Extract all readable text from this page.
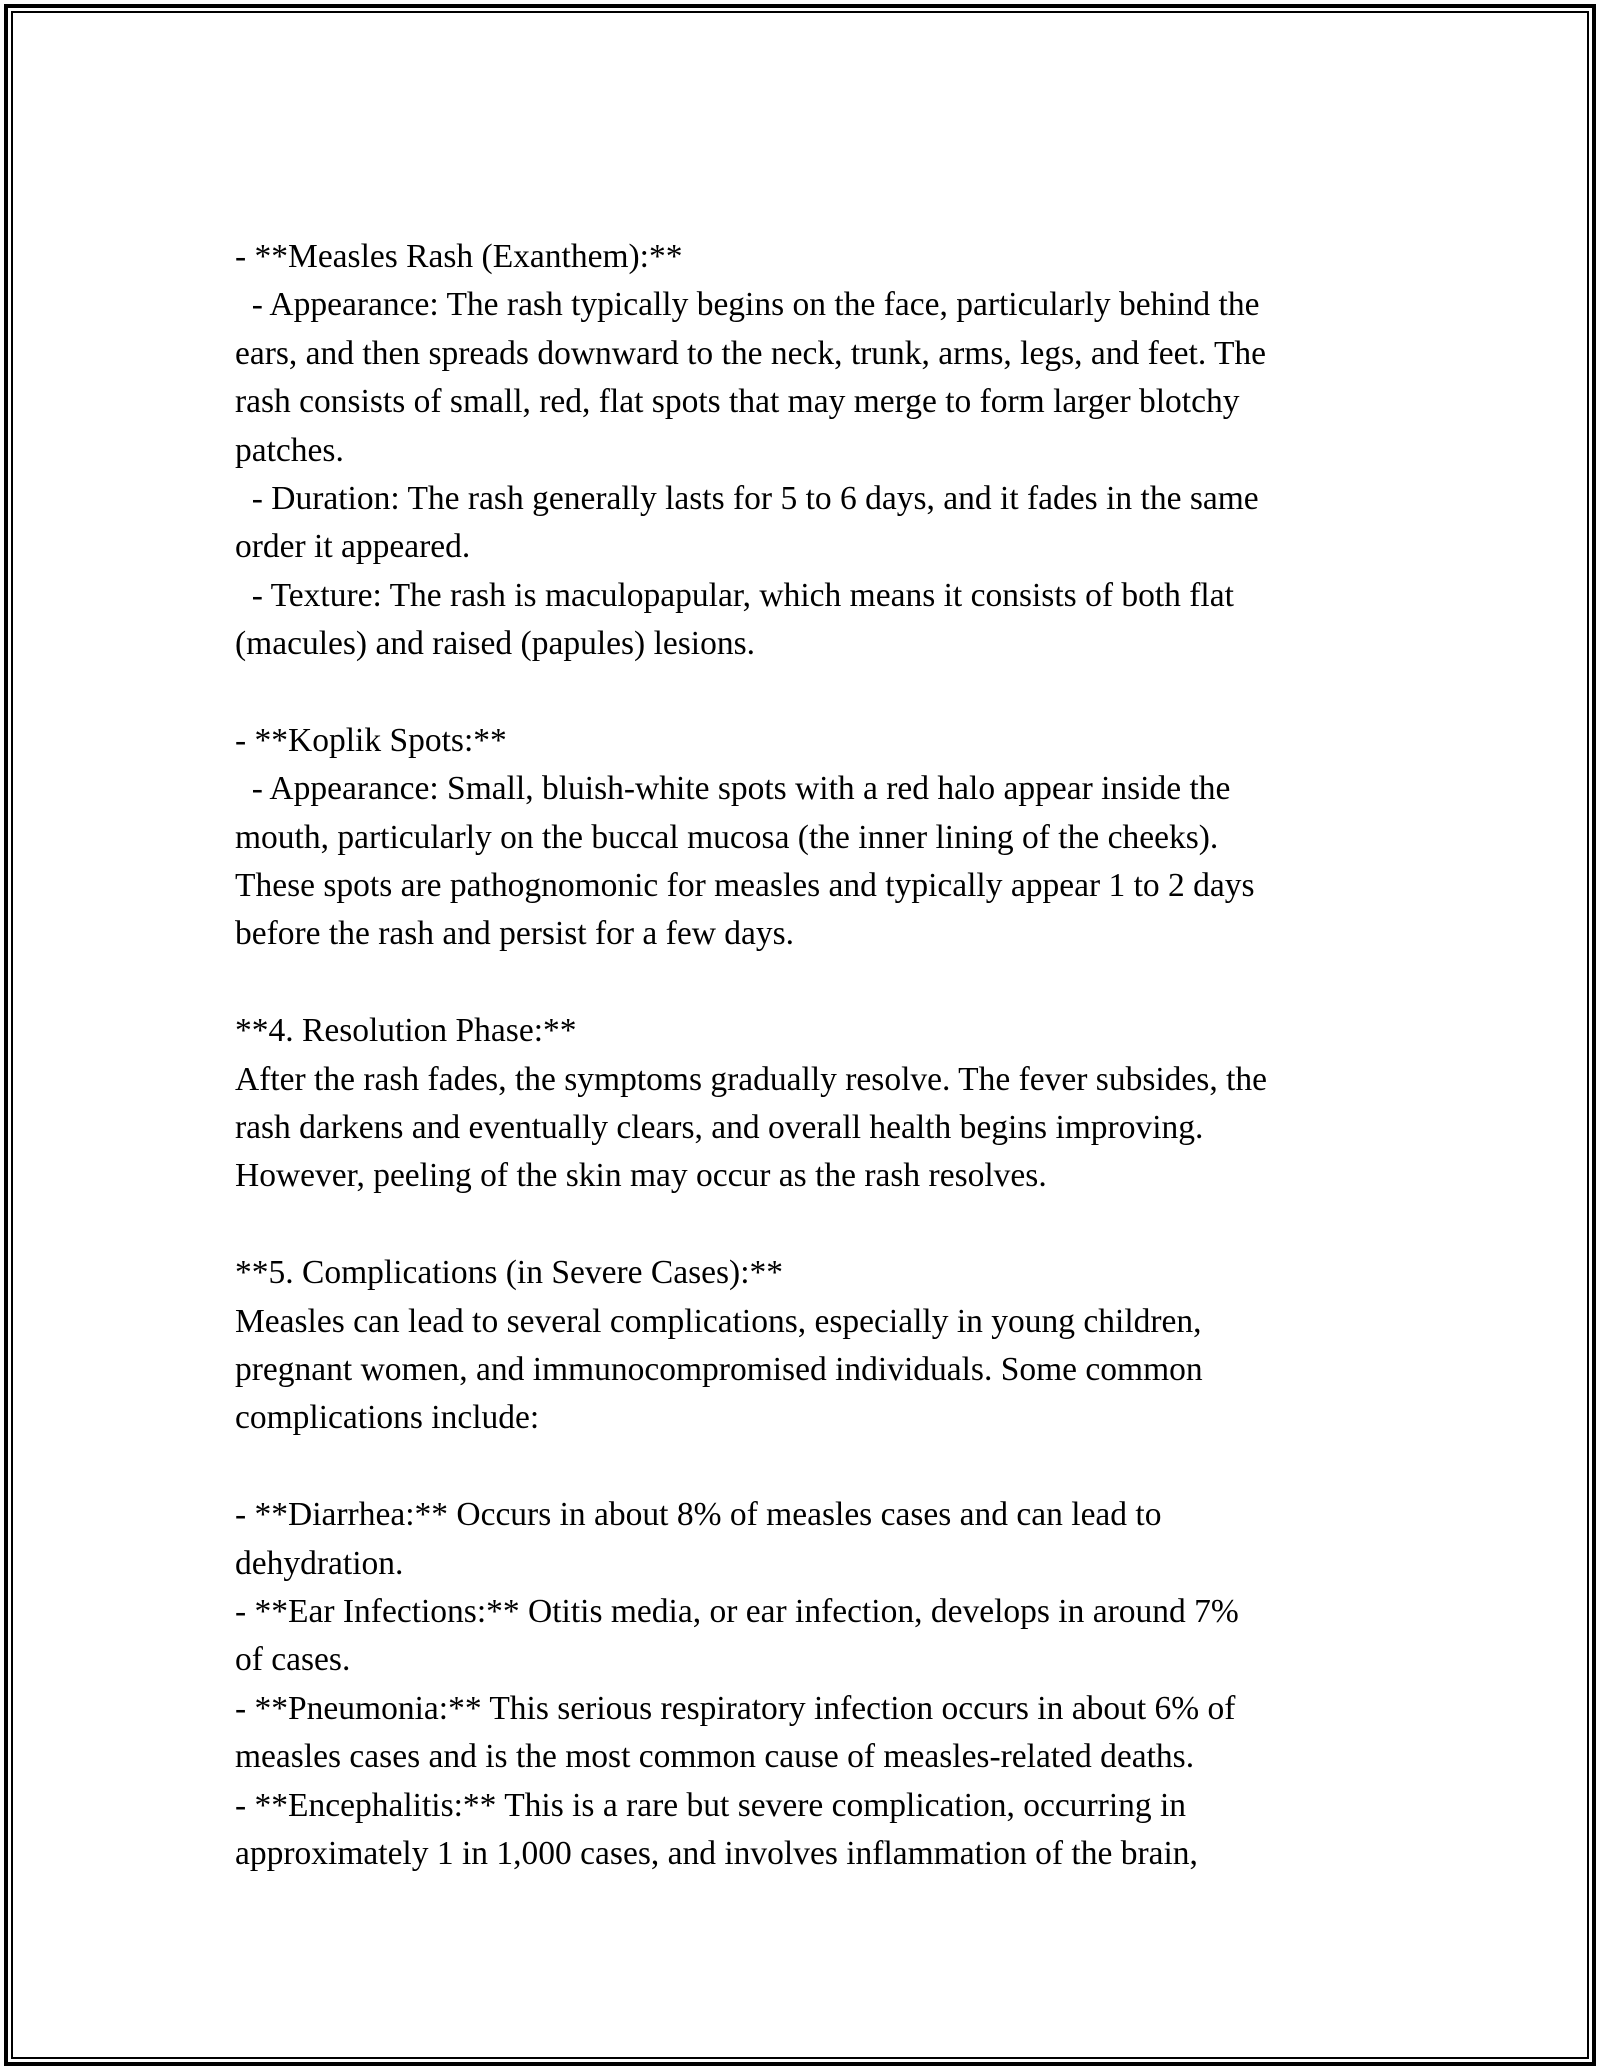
- **Measles Rash (Exanthem):**
- Appearance: The rash typically begins on the face, particularly behind the
ears, and then spreads downward to the neck, trunk, arms, legs, and feet. The
rash consists of small, red, flat spots that may merge to form larger blotchy
patches.
- Duration: The rash generally lasts for 5 to 6 days, and it fades in the same
order it appeared.
- Texture: The rash is maculopapular, which means it consists of both flat
(macules) and raised (papules) lesions.
- **Koplik Spots:**
- Appearance: Small, bluish-white spots with a red halo appear inside the
mouth, particularly on the buccal mucosa (the inner lining of the cheeks).
These spots are pathognomonic for measles and typically appear 1 to 2 days
before the rash and persist for a few days.
**4. Resolution Phase:**
After the rash fades, the symptoms gradually resolve. The fever subsides, the
rash darkens and eventually clears, and overall health begins improving.
However, peeling of the skin may occur as the rash resolves.
**5. Complications (in Severe Cases):**
Measles can lead to several complications, especially in young children,
pregnant women, and immunocompromised individuals. Some common
complications include:
- **Diarrhea:** Occurs in about 8% of measles cases and can lead to
dehydration.
- **Ear Infections:** Otitis media, or ear infection, develops in around 7%
of cases.
- **Pneumonia:** This serious respiratory infection occurs in about 6% of
measles cases and is the most common cause of measles-related deaths.
- **Encephalitis:** This is a rare but severe complication, occurring in
approximately 1 in 1,000 cases, and involves inflammation of the brain,
